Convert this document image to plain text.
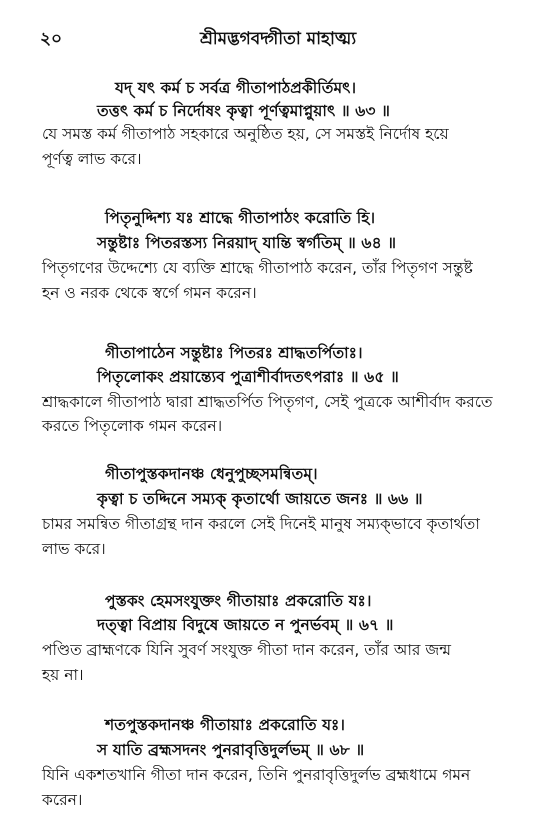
২০	শ্রীমদ্ভগবদ্গীতা মাহাত্ম্য
যদ্ যৎ কর্ম চ সর্বত্র গীতাপাঠপ্রকীর্তিমৎ।
তত্তৎ কর্ম চ নির্দোষং কৃত্বা পূর্ণত্বমাপ্নুয়াৎ ॥ ৬৩ ॥
যে সমস্ত কর্ম গীতাপাঠ সহকারে অনুষ্ঠিত হয়, সে সমস্তই নির্দোষ হয়ে
পূর্ণত্ব লাভ করে।
পিতৃনুদ্দিশ্য যঃ শ্রাদ্ধে গীতাপাঠং করোতি হি।
সন্তুষ্টাঃ পিতরস্তস্য নিরয়াদ্ যান্তি স্বর্গতিম্ ॥ ৬৪ ॥
পিতৃগণের উদ্দেশ্যে যে ব্যক্তি শ্রাদ্ধে গীতাপাঠ করেন, তাঁর পিতৃগণ সন্তুষ্ট
হন ও নরক থেকে স্বর্গে গমন করেন।
গীতাপাঠেন সন্তুষ্টাঃ পিতরঃ শ্রাদ্ধতর্পিতাঃ।
পিতৃলোকং প্রয়ান্ত্যেব পুত্রাশীর্বাদতৎপরাঃ ॥ ৬৫ ॥
শ্রাদ্ধকালে গীতাপাঠ দ্বারা শ্রাদ্ধতর্পিত পিতৃগণ, সেই পুত্রকে আশীর্বাদ করতে
করতে পিতৃলোক গমন করেন।
গীতাপুস্তকদানঞ্চ ধেনুপুচ্ছসমন্বিতম্।
কৃত্বা চ তদ্দিনে সম্যক্ কৃতার্থো জায়তে জনঃ ॥ ৬৬ ॥
চামর সমন্বিত গীতাগ্রন্থ দান করলে সেই দিনেই মানুষ সম্যক্‌ভাবে কৃতার্থতা
লাভ করে।
পুস্তকং হেমসংযুক্তং গীতায়াঃ প্রকরোতি যঃ।
দত্ত্বা বিপ্রায় বিদুষে জায়তে ন পুনর্ভবম্ ॥ ৬৭ ॥
পণ্ডিত ব্রাহ্মণকে যিনি সুবর্ণ সংযুক্ত গীতা দান করেন, তাঁর আর জন্ম
হয় না।
শতপুস্তকদানঞ্চ গীতায়াঃ প্রকরোতি যঃ।
স যাতি ব্রহ্মসদনং পুনরাবৃত্তিদুর্লভম্ ॥ ৬৮ ॥
যিনি একশতখানি গীতা দান করেন, তিনি পুনরাবৃত্তিদুর্লভ ব্রহ্মধামে গমন
করেন।
